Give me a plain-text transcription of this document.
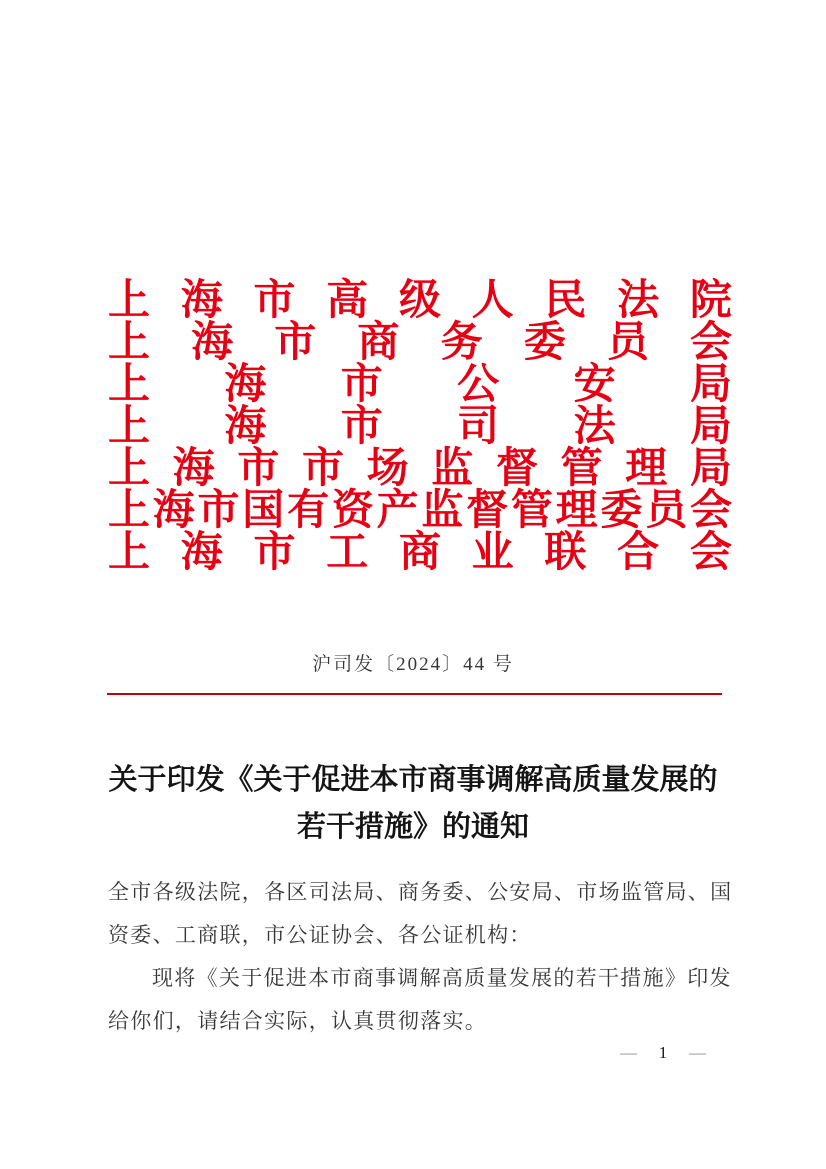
上 海 市 高 级 人 民 法 院
上 海 市 商 务 委 员 会
上 海 市 公 安 局
上 海 市 司 法 局
上 海 市 市 场 监 督 管 理 局
上 海 市 国 有 资 产 监 督 管 理 委 员 会
上 海 市 工 商 业 联 合 会
沪司发〔2024〕44 号
关于印发《关于促进本市商事调解高质量发展的
若干措施》的通知

全市各级法院，各区司法局、商务委、公安局、市场监管局、国
资委、工商联，市公证协会、各公证机构：

现将《关于促进本市商事调解高质量发展的若干措施》印发
给你们，请结合实际，认真贯彻落实。

— 1 —
